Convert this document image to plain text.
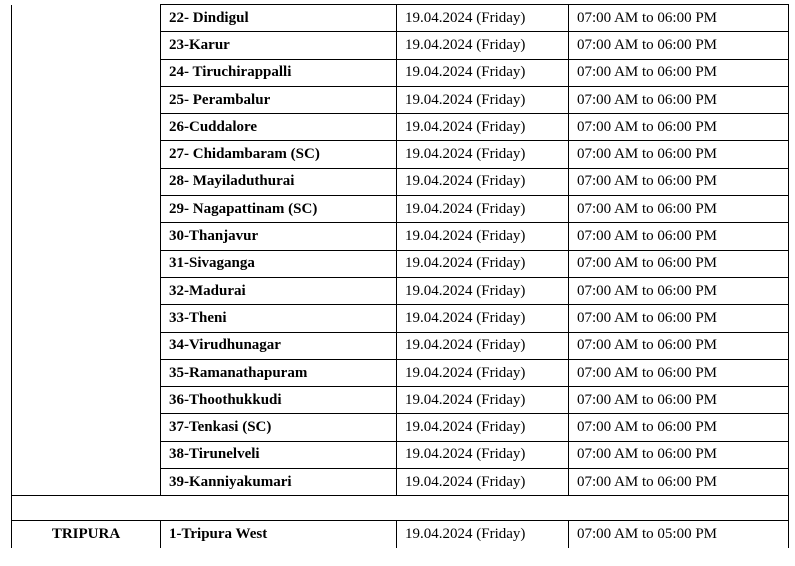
	22- Dindigul	19.04.2024 (Friday)	07:00 AM to 06:00 PM
	23-Karur	19.04.2024 (Friday)	07:00 AM to 06:00 PM
	24- Tiruchirappalli	19.04.2024 (Friday)	07:00 AM to 06:00 PM
	25- Perambalur	19.04.2024 (Friday)	07:00 AM to 06:00 PM
	26-Cuddalore	19.04.2024 (Friday)	07:00 AM to 06:00 PM
	27- Chidambaram (SC)	19.04.2024 (Friday)	07:00 AM to 06:00 PM
	28- Mayiladuthurai	19.04.2024 (Friday)	07:00 AM to 06:00 PM
	29- Nagapattinam (SC)	19.04.2024 (Friday)	07:00 AM to 06:00 PM
	30-Thanjavur	19.04.2024 (Friday)	07:00 AM to 06:00 PM
	31-Sivaganga	19.04.2024 (Friday)	07:00 AM to 06:00 PM
	32-Madurai	19.04.2024 (Friday)	07:00 AM to 06:00 PM
	33-Theni	19.04.2024 (Friday)	07:00 AM to 06:00 PM
	34-Virudhunagar	19.04.2024 (Friday)	07:00 AM to 06:00 PM
	35-Ramanathapuram	19.04.2024 (Friday)	07:00 AM to 06:00 PM
	36-Thoothukkudi	19.04.2024 (Friday)	07:00 AM to 06:00 PM
	37-Tenkasi (SC)	19.04.2024 (Friday)	07:00 AM to 06:00 PM
	38-Tirunelveli	19.04.2024 (Friday)	07:00 AM to 06:00 PM
	39-Kanniyakumari	19.04.2024 (Friday)	07:00 AM to 06:00 PM

TRIPURA	1-Tripura West	19.04.2024 (Friday)	07:00 AM to 05:00 PM
